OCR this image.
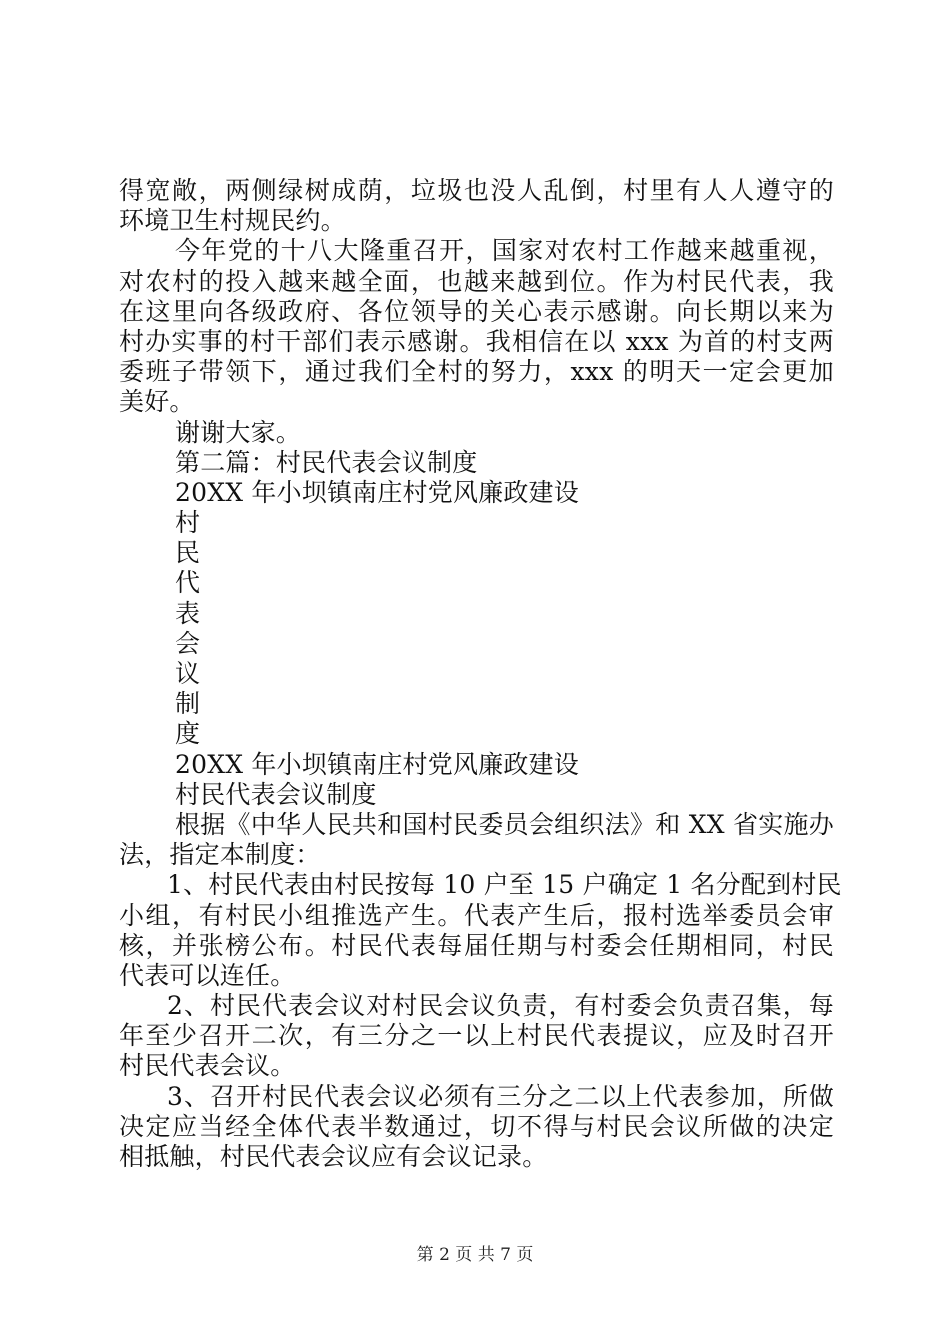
得宽敞，两侧绿树成荫，垃圾也没人乱倒，村里有人人遵守的
环境卫生村规民约。
今年党的十八大隆重召开，国家对农村工作越来越重视，
对农村的投入越来越全面，也越来越到位。作为村民代表，我
在这里向各级政府、各位领导的关心表示感谢。向长期以来为
村办实事的村干部们表示感谢。我相信在以 xxx 为首的村支两
委班子带领下，通过我们全村的努力，xxx 的明天一定会更加
美好。
谢谢大家。
第二篇：村民代表会议制度
20XX 年小坝镇南庄村党风廉政建设
村
民
代
表
会
议
制
度
20XX 年小坝镇南庄村党风廉政建设
村民代表会议制度
根据《中华人民共和国村民委员会组织法》和 XX 省实施办
法，指定本制度：
1、村民代表由村民按每 10 户至 15 户确定 1 名分配到村民
小组，有村民小组推选产生。代表产生后，报村选举委员会审
核，并张榜公布。村民代表每届任期与村委会任期相同，村民
代表可以连任。
2、村民代表会议对村民会议负责，有村委会负责召集，每
年至少召开二次，有三分之一以上村民代表提议，应及时召开
村民代表会议。
3、召开村民代表会议必须有三分之二以上代表参加，所做
决定应当经全体代表半数通过，切不得与村民会议所做的决定
相抵触，村民代表会议应有会议记录。
第 2 页 共 7 页
